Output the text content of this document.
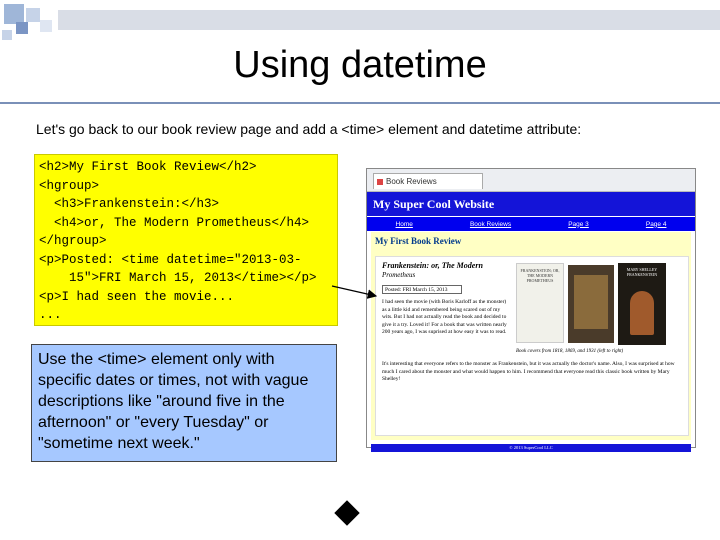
Using datetime
Let's go back to our book review page and add a <time> element and datetime attribute:
<h2>My First Book Review</h2>
<hgroup>
<h3>Frankenstein:</h3>
<h4>or, The Modern Prometheus</h4>
</hgroup>
<p>Posted: <time datetime="2013-03-
15">FRI March 15, 2013</time></p>
<p>I had seen the movie...
...
Use the <time> element only with specific dates or times, not with vague descriptions like "around five in the afternoon" or "every Tuesday" or "sometime next week."
Book Reviews
My Super Cool Website
Home	Book Reviews	Page 3	Page 4
My First Book Review
Frankenstein: or, The Modern
Prometheus
Posted: FRI March 15, 2013
I had seen the movie (with Boris Karloff as the monster) as a little kid and remembered being scared out of my wits. But I had not actually read the book and decided to give it a try. Loved it! For a book that was written nearly 200 years ago, I was suprised at how easy it was to read.
FRANKENSTEIN; OR, THE MODERN PROMETHEUS
MARY SHELLEY FRANKENSTEIN
Book covers from 1818, 1869, and 1931 (left to right)
It's interesting that everyone refers to the monster as Frankenstein, but it was actually the doctor's name. Also, I was surprised at how much I cared about the monster and what would happen to him. I recommend that everyone read this classic book written by Mary Shelley!
© 2013 SuperCool LLC
